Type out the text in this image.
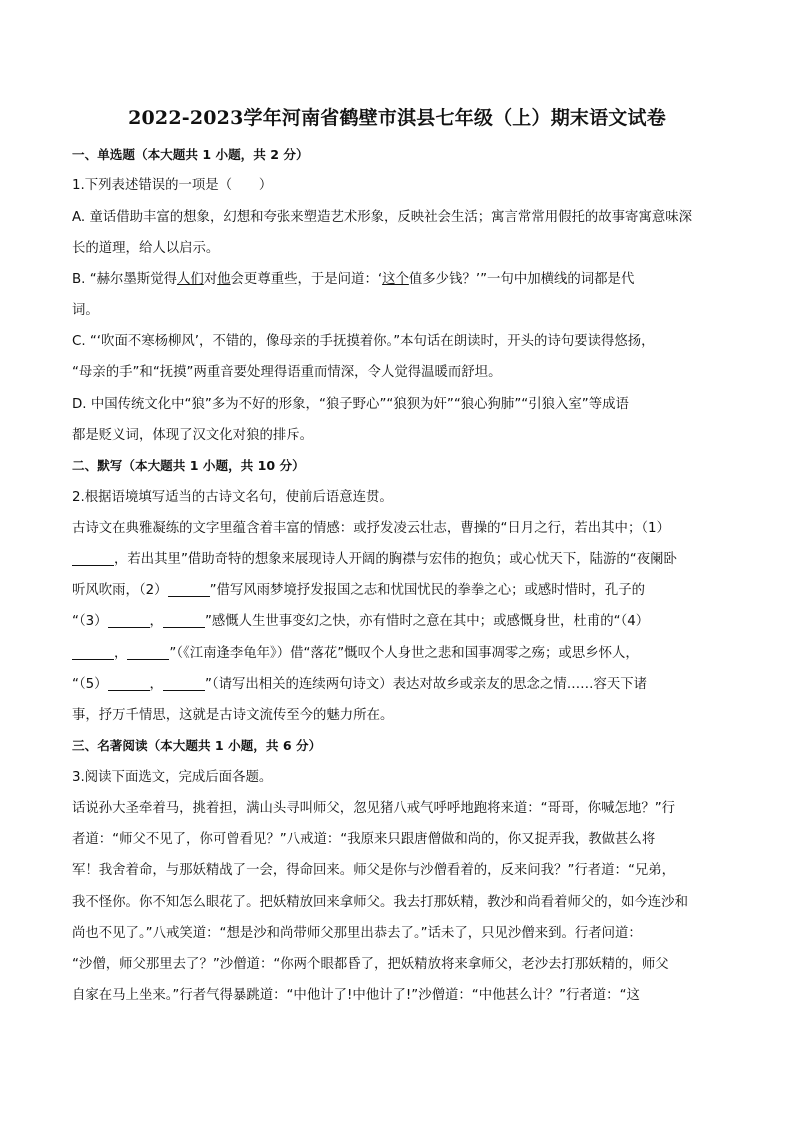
2022-2023学年河南省鹤壁市淇县七年级（上）期末语文试卷
一、单选题（本大题共 1 小题，共 2 分）
1.下列表述错误的一项是（　　）
A. 童话借助丰富的想象，幻想和夸张来塑造艺术形象，反映社会生活；寓言常常用假托的故事寄寓意味深
长的道理，给人以启示。
B. “赫尔墨斯觉得人们对他会更尊重些，于是问道：‘这个值多少钱？’”一句中加横线的词都是代
词。
C. “‘吹面不寒杨柳风’，不错的，像母亲的手抚摸着你。”本句话在朗读时，开头的诗句要读得悠扬，
“母亲的手”和“抚摸”两重音要处理得语重而情深，令人觉得温暖而舒坦。
D. 中国传统文化中“狼”多为不好的形象，“狼子野心”“狼狈为奸”“狼心狗肺”“引狼入室”等成语
都是贬义词，体现了汉文化对狼的排斥。
二、默写（本大题共 1 小题，共 10 分）
2.根据语境填写适当的古诗文名句，使前后语意连贯。
古诗文在典雅凝练的文字里蕴含着丰富的情感：或抒发凌云壮志，曹操的“日月之行，若出其中；（1）
，若出其里”借助奇特的想象来展现诗人开阔的胸襟与宏伟的抱负；或心忧天下，陆游的“夜阑卧
听风吹雨，（2）	”借写风雨梦境抒发报国之志和忧国忧民的拳拳之心；或感时惜时，孔子的
“（3）	，	”感慨人生世事变幻之快，亦有惜时之意在其中；或感慨身世，杜甫的“（4）
，	”（《江南逢李龟年》）借“落花”慨叹个人身世之悲和国事凋零之殇；或思乡怀人，
“（5）	，	”（请写出相关的连续两句诗文）表达对故乡或亲友的思念之情……容天下诸
事，抒万千情思，这就是古诗文流传至今的魅力所在。
三、名著阅读（本大题共 1 小题，共 6 分）
3.阅读下面选文，完成后面各题。
话说孙大圣牵着马，挑着担，满山头寻叫师父，忽见猪八戒气呼呼地跑将来道：“哥哥，你喊怎地？”行
者道：“师父不见了，你可曾看见？”八戒道：“我原来只跟唐僧做和尚的，你又捉弄我，教做甚么将
军！我舍着命，与那妖精战了一会，得命回来。师父是你与沙僧看着的，反来问我？”行者道：“兄弟，
我不怪你。你不知怎么眼花了。把妖精放回来拿师父。我去打那妖精，教沙和尚看着师父的，如今连沙和
尚也不见了。”八戒笑道：“想是沙和尚带师父那里出恭去了。”话未了，只见沙僧来到。行者问道：
“沙僧，师父那里去了？”沙僧道：“你两个眼都昏了，把妖精放将来拿师父，老沙去打那妖精的，师父
自家在马上坐来。”行者气得暴跳道：“中他计了!中他计了!”沙僧道：“中他甚么计？”行者道：“这
